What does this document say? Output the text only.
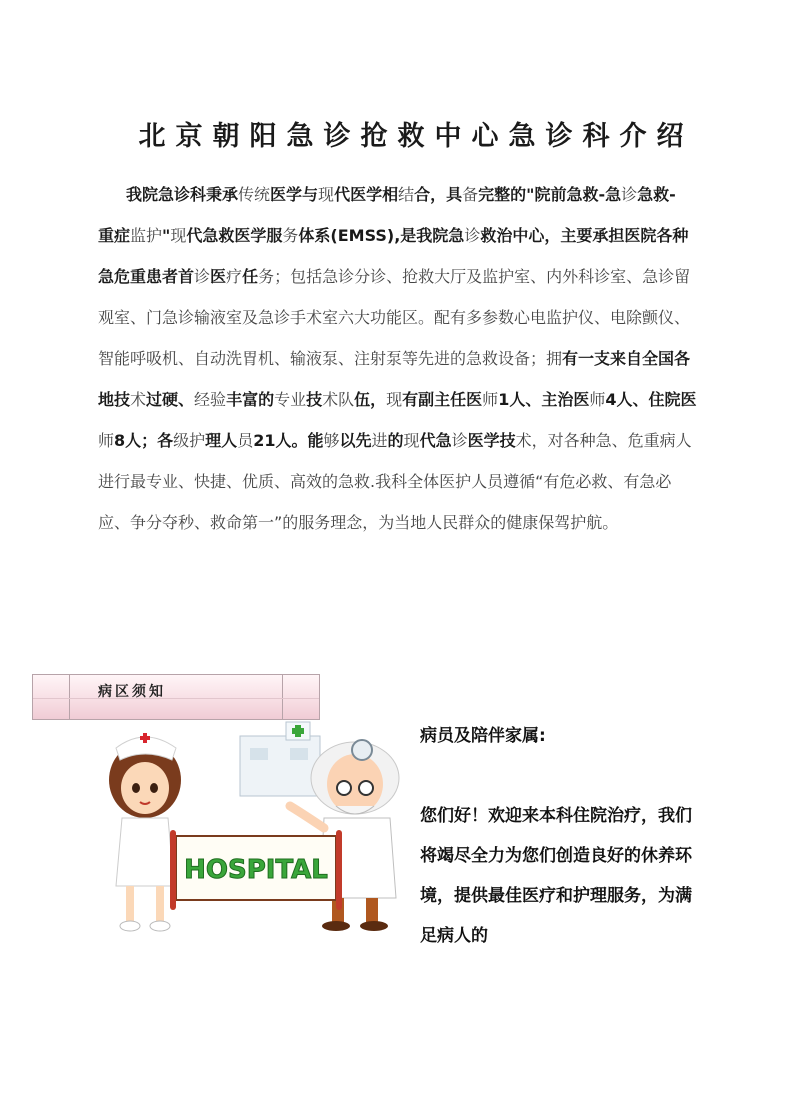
北京朝阳急诊抢救中心急诊科介绍

我院急诊科秉承传统医学与现代医学相结合，具备完整的"院前急救-急诊急救-

重症监护"现代急救医学服务体系(EMSS),是我院急诊救治中心，主要承担医院各种急危重患者首诊医疗任务；包括急诊分诊、抢救大厅及监护室、内外科诊室、急诊留观室、门急诊输液室及急诊手术室六大功能区。配有多参数心电监护仪、电除颤仪、智能呼吸机、自动洗胃机、输液泵、注射泵等先进的急救设备；拥有一支来自全国各地技术过硬、经验丰富的专业技术队伍，现有副主任医师1人、主治医师4人、住院医师8人；各级护理人员21人。能够以先进的现代急诊医学技术，对各种急、危重病人进行最专业、快捷、优质、高效的急救.我科全体医护人员遵循“有危必救、有急必应、争分夺秒、救命第一”的服务理念，为当地人民群众的健康保驾护航。

病区须知
HOSPITAL

病员及陪伴家属:

您们好！欢迎来本科住院治疗，我们将竭尽全力为您们创造良好的休养环境，提供最佳医疗和护理服务，为满足病人的
